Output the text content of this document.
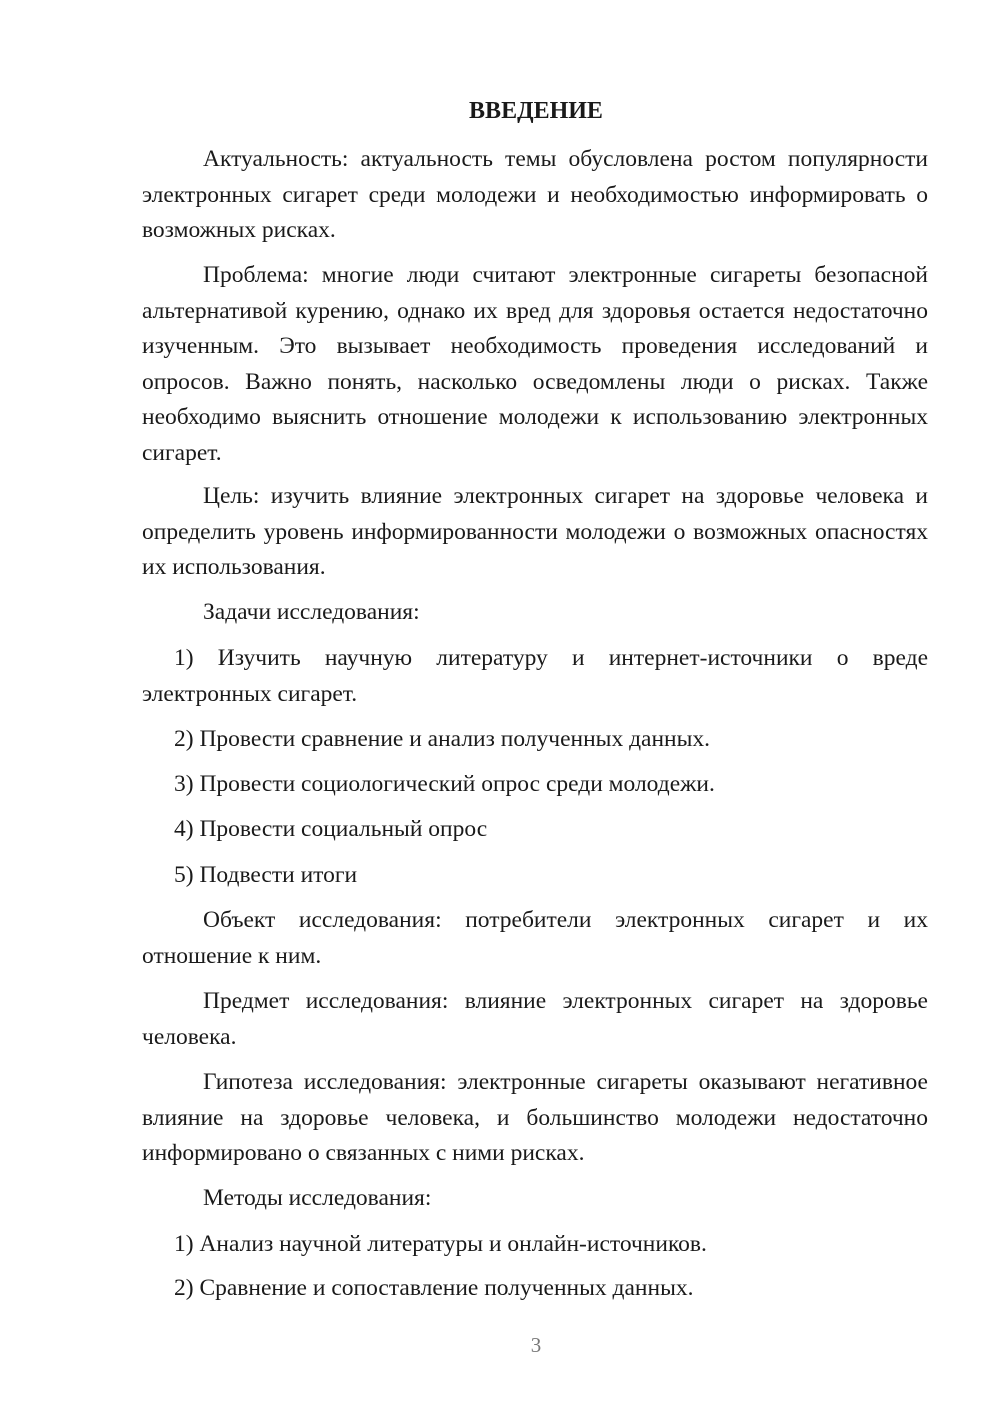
ВВЕДЕНИЕ

Актуальность: актуальность темы обусловлена ростом популярности электронных сигарет среди молодежи и необходимостью информировать о возможных рисках.

Проблема: многие люди считают электронные сигареты безопасной альтернативой курению, однако их вред для здоровья остается недостаточно изученным. Это вызывает необходимость проведения исследований и опросов. Важно понять, насколько осведомлены люди о рисках. Также необходимо выяснить отношение молодежи к использованию электронных сигарет.

Цель: изучить влияние электронных сигарет на здоровье человека и определить уровень информированности молодежи о возможных опасностях их использования.

Задачи исследования:

1) Изучить научную литературу и интернет-источники о вреде электронных сигарет.

2) Провести сравнение и анализ полученных данных.

3) Провести социологический опрос среди молодежи.

4) Провести социальный опрос

5) Подвести итоги

Объект исследования: потребители электронных сигарет и их отношение к ним.

Предмет исследования: влияние электронных сигарет на здоровье человека.

Гипотеза исследования: электронные сигареты оказывают негативное влияние на здоровье человека, и большинство молодежи недостаточно информировано о связанных с ними рисках.

Методы исследования:

1) Анализ научной литературы и онлайн-источников.

2) Сравнение и сопоставление полученных данных.

3
